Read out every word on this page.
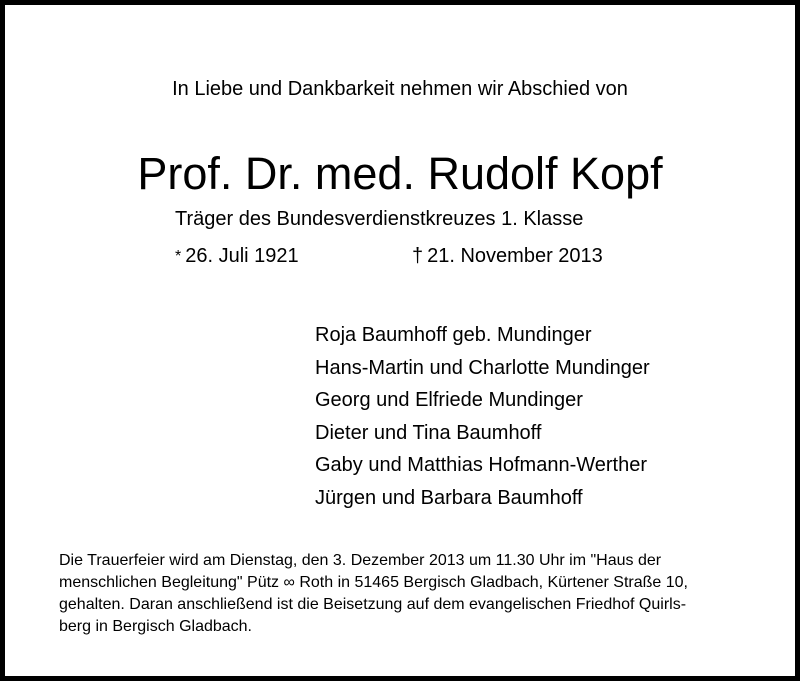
In Liebe und Dankbarkeit nehmen wir Abschied von
Prof. Dr. med. Rudolf Kopf
Träger des Bundesverdienstkreuzes 1. Klasse
* 26. Juli 1921	† 21. November 2013
Roja Baumhoff geb. Mundinger
Hans-Martin und Charlotte Mundinger
Georg und Elfriede Mundinger
Dieter und Tina Baumhoff
Gaby und Matthias Hofmann-Werther
Jürgen und Barbara Baumhoff

Die Trauerfeier wird am Dienstag, den 3. Dezember 2013 um 11.30 Uhr im "Haus der
menschlichen Begleitung" Pütz ∞ Roth in 51465 Bergisch Gladbach, Kürtener Straße 10,
gehalten. Daran anschließend ist die Beisetzung auf dem evangelischen Friedhof Quirls-
berg in Bergisch Gladbach.
